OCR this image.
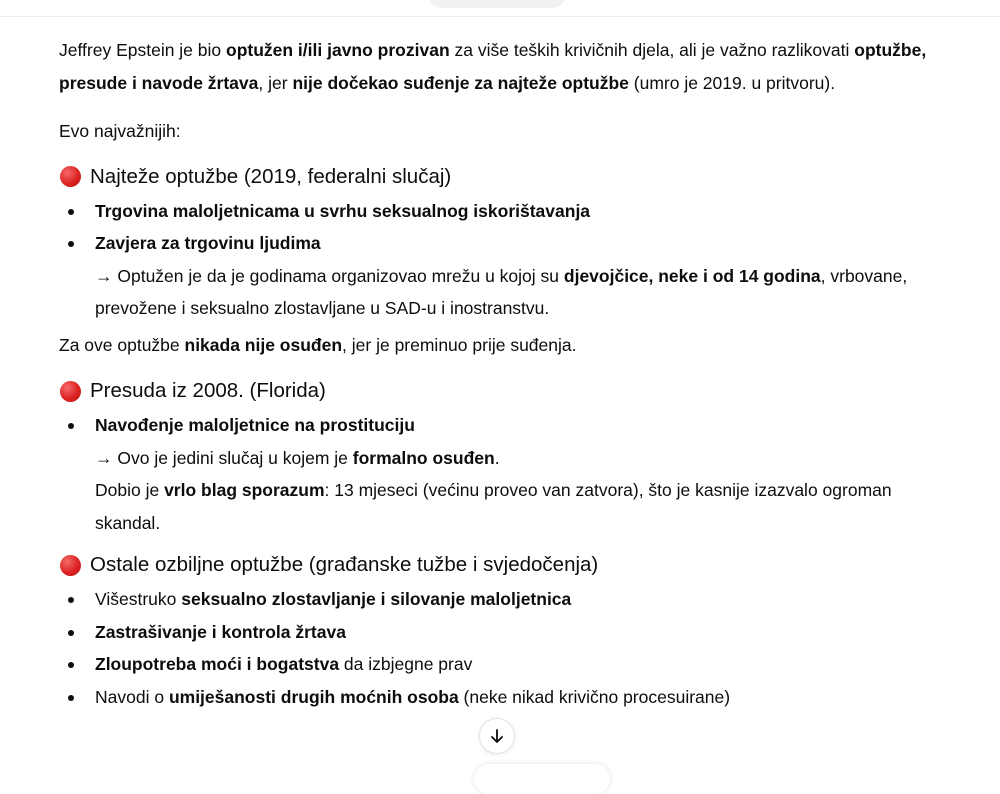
Jeffrey Epstein je bio optužen i/ili javno prozivan za više teških krivičnih djela, ali je važno razlikovati optužbe, presude i navode žrtava, jer nije dočekao suđenje za najteže optužbe (umro je 2019. u pritvoru).

Evo najvažnijih:

Najteže optužbe (2019, federalni slučaj)
Trgovina maloljetnicama u svrhu seksualnog iskorištavanja
Zavjera za trgovinu ljudima
→ Optužen je da je godinama organizovao mrežu u kojoj su djevojčice, neke i od 14 godina, vrbovane, prevožene i seksualno zlostavljane u SAD-u i inostranstvu.

Za ove optužbe nikada nije osuđen, jer je preminuo prije suđenja.

Presuda iz 2008. (Florida)
Navođenje maloljetnice na prostituciju
→ Ovo je jedini slučaj u kojem je formalno osuđen.
Dobio je vrlo blag sporazum: 13 mjeseci (većinu proveo van zatvora), što je kasnije izazvalo ogroman skandal.
Ostale ozbiljne optužbe (građanske tužbe i svjedočenja)
Višestruko seksualno zlostavljanje i silovanje maloljetnica
Zastrašivanje i kontrola žrtava
Zloupotreba moći i bogatstva da izbjegne prav
Navodi o umiješanosti drugih moćnih osoba (neke nikad krivično procesuirane)
